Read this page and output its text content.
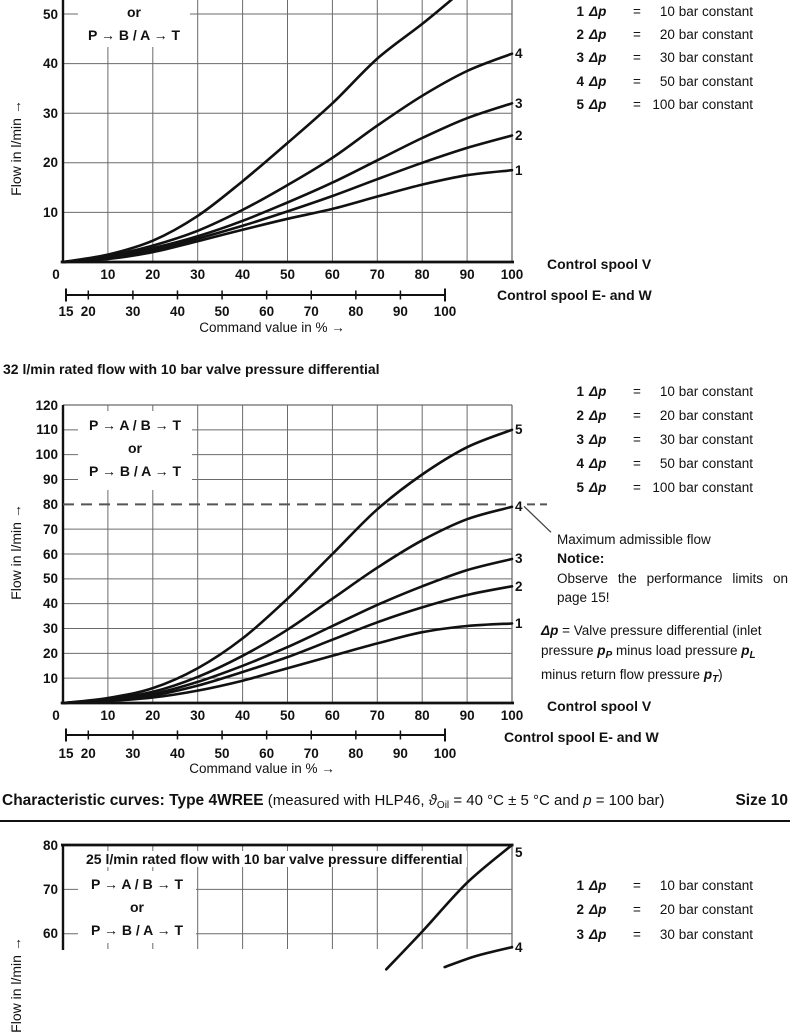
1
2
3
4
10
20
30
40
50
0	10	20	30	40	50	60	70	80	90	100
15 20	30	40	50	60	70	80	90	100
1 Δp =	10 bar constant
2 Δp =	20 bar constant
3 Δp =	30 bar constant
4 Δp =	50 bar constant
5 Δp = 100 bar constant
1
2
3
4
5
10
20
30
40
50
60
70
80
90
100
110
120
0	10	20	30	40	50	60	70	80	90	100
15 20	30	40	50	60	70	80	90	100
1 Δp =	10 bar constant
2 Δp =	20 bar constant
3 Δp =	30 bar constant
4 Δp =	50 bar constant
5 Δp = 100 bar constant
4
5
60
70
80
1 Δp =	10 bar constant
2 Δp =	20 bar constant
3 Δp =	30 bar constant
or
P → B / A → T
Flow in l/min →
Command value in % →
Control spool V
Control spool E- and W
32 l/min rated flow with 10 bar valve pressure differential
P → A / B → T
or
P → B / A → T
Flow in l/min →
Command value in % →
Control spool V
Control spool E- and W
Maximum admissible flow
Notice:
Observe the performance limits on page 15!
Δp = Valve pressure differential (inlet
pressure $p_P$ minus load pressure $p_L$
minus return flow pressure $p_T$)
Characteristic curves: Type 4WREE (measured with HLP46, $ϑ_{Oil} = 40$ °C ± 5 °C and p = 100 bar)	Size 10
25 l/min rated flow with 10 bar valve pressure differential
P → A / B → T
or
P → B / A → T
Flow in l/min →
